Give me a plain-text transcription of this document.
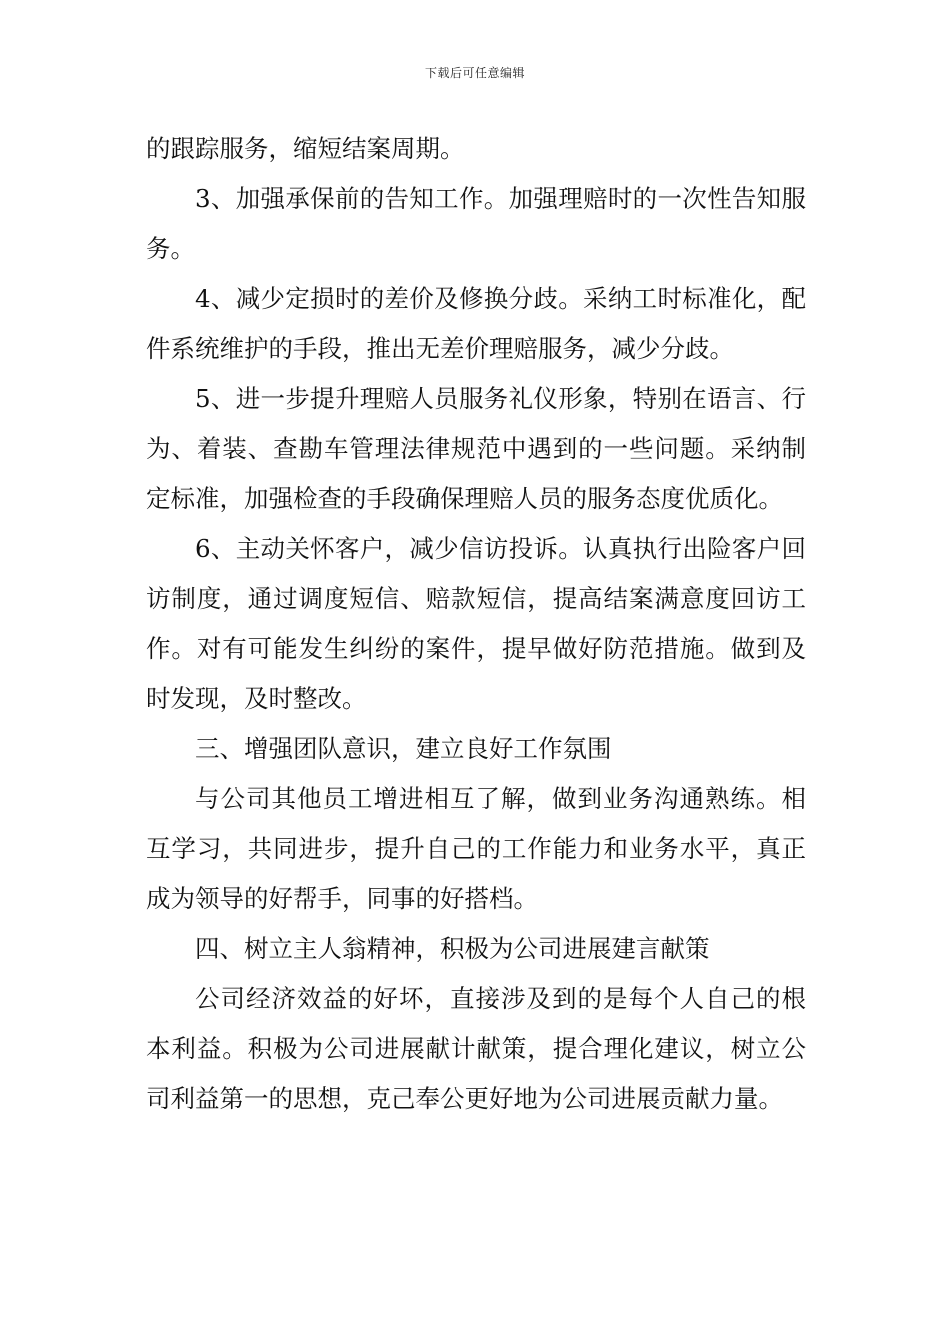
下载后可任意编辑

的跟踪服务，缩短结案周期。

3、加强承保前的告知工作。加强理赔时的一次性告知服务。

4、减少定损时的差价及修换分歧。采纳工时标准化，配件系统维护的手段，推出无差价理赔服务，减少分歧。

5、进一步提升理赔人员服务礼仪形象，特别在语言、行为、着装、查勘车管理法律规范中遇到的一些问题。采纳制定标准，加强检查的手段确保理赔人员的服务态度优质化。

6、主动关怀客户，减少信访投诉。认真执行出险客户回访制度，通过调度短信、赔款短信，提高结案满意度回访工作。对有可能发生纠纷的案件，提早做好防范措施。做到及时发现，及时整改。

三、增强团队意识，建立良好工作氛围

与公司其他员工增进相互了解，做到业务沟通熟练。相互学习，共同进步，提升自己的工作能力和业务水平，真正成为领导的好帮手，同事的好搭档。

四、树立主人翁精神，积极为公司进展建言献策

公司经济效益的好坏，直接涉及到的是每个人自己的根本利益。积极为公司进展献计献策，提合理化建议，树立公司利益第一的思想，克己奉公更好地为公司进展贡献力量。
